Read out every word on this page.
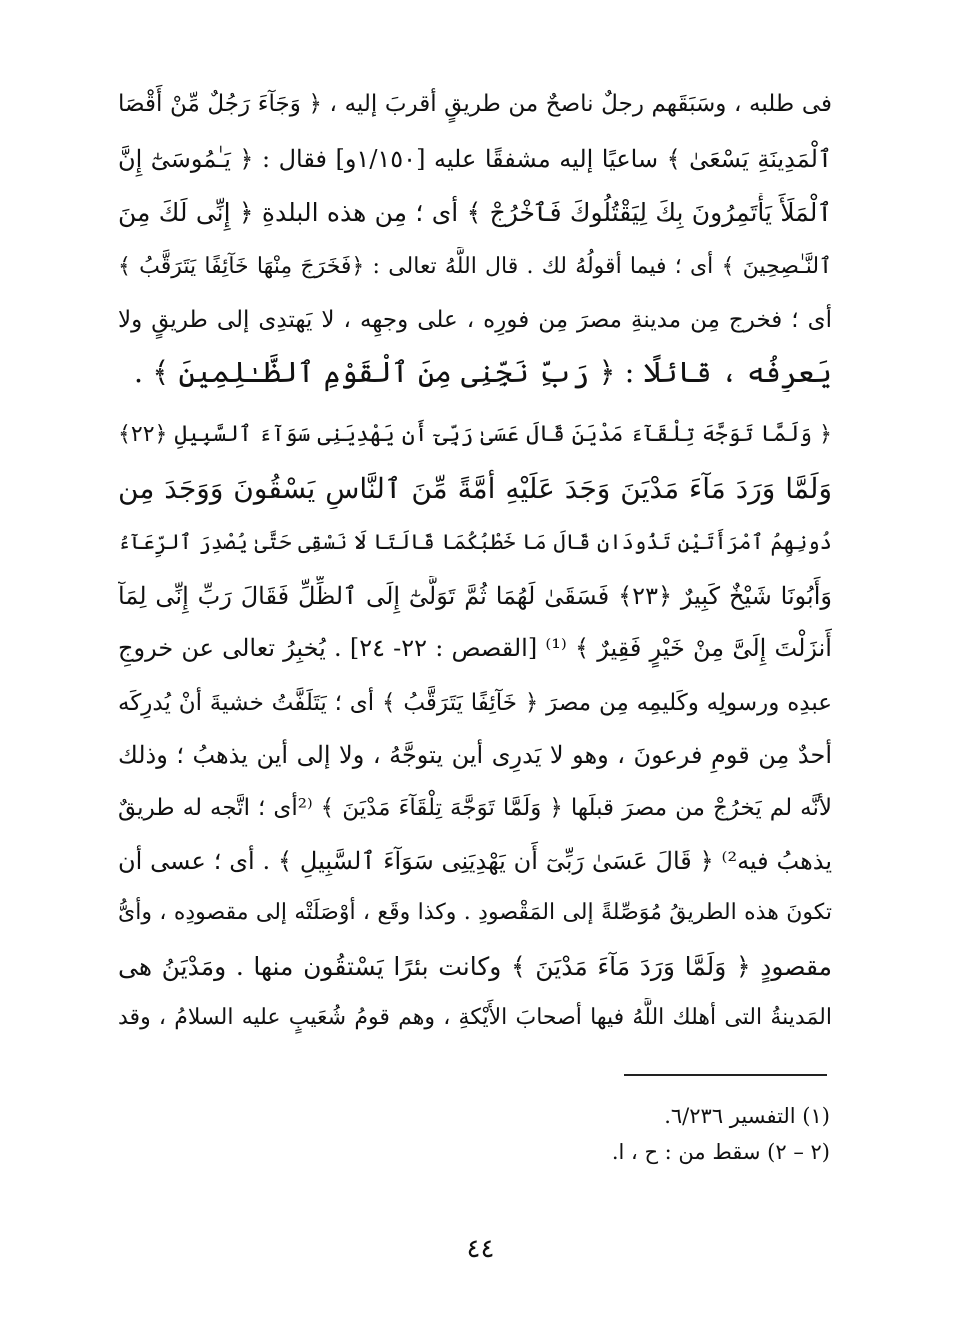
فى طلبه ، وسَبَقَهم رجلٌ ناصحٌ من طريقٍ أقربَ إليه ، ﴿ وَجَآءَ رَجُلٌ مِّنْ أَقْصَا
ٱلْمَدِينَةِ يَسْعَىٰ ﴾ ساعيًا إليه مشفقًا عليه [١/١٥٠و] فقال : ﴿ يَـٰمُوسَىٰٓ إِنَّ
ٱلْمَلَأَ يَأْتَمِرُونَ بِكَ لِيَقْتُلُوكَ فَٱخْرُجْ ﴾ أى ؛ مِن هذه البلدةِ ﴿ إِنِّى لَكَ مِنَ
ٱلنَّـٰصِحِينَ ﴾ أى ؛ فيما أقولُهُ لك . قال اللَّهُ تعالى : ﴿فَخَرَجَ مِنْهَا خَآئِفًا يَتَرَقَّبُ ﴾
أى ؛ فخرج مِن مدينةِ مصرَ مِن فورِه ، على وجهِه ، لا يَهتدِى إلى طريقٍ ولا
يَعرِفُه ، قائلًا : ﴿ رَبِّ نَجِّنِى مِنَ ٱلْقَوْمِ ٱلظَّـٰلِمِينَ ﴾ .
﴿ وَلَمَّا تَوَجَّهَ تِلْقَآءَ مَدْيَنَ قَالَ عَسَىٰ رَبِّىٓ أَن يَهْدِيَنِى سَوَآءَ ٱلسَّبِيلِ ﴿٢٢﴾
وَلَمَّا وَرَدَ مَآءَ مَدْيَنَ وَجَدَ عَلَيْهِ أُمَّةً مِّنَ ٱلنَّاسِ يَسْقُونَ وَوَجَدَ مِن
دُونِهِمُ ٱمْرَأَتَيْنِ تَذُودَانِ قَالَ مَا خَطْبُكُمَا قَالَتَا لَا نَسْقِى حَتَّىٰ يُصْدِرَ ٱلرِّعَآءُ
وَأَبُونَا شَيْخٌ كَبِيرٌ ﴿٢٣﴾ فَسَقَىٰ لَهُمَا ثُمَّ تَوَلَّىٰٓ إِلَى ٱلظِّلِّ فَقَالَ رَبِّ إِنِّى لِمَآ
أَنزَلْتَ إِلَىَّ مِنْ خَيْرٍ فَقِيرٌ ﴾ ⁽¹⁾ [القصص : ٢٢- ٢٤] . يُخبِرُ تعالى عن خروجِ
عبدِه ورسولِه وكَليمِه مِن مصرَ ﴿ خَآئِفًا يَتَرَقَّبُ ﴾ أى ؛ يَتَلَفَّتُ خشيةَ أنْ يُدرِكَه
أحدٌ مِن قومِ فرعونَ ، وهو لا يَدرِى أين يتوجَّهُ ، ولا إلى أين يذهبُ ؛ وذلك
لأنَّه لم يَخرُجْ من مصرَ قبلَها ﴿ وَلَمَّا تَوَجَّهَ تِلْقَآءَ مَدْيَنَ ﴾ ⁽²أى ؛ اتَّجه له طريقٌ
يذهبُ فيه²⁾ ﴿ قَالَ عَسَىٰ رَبِّىٓ أَن يَهْدِيَنِى سَوَآءَ ٱلسَّبِيلِ ﴾ . أى ؛ عسى أن
تكونَ هذه الطريقُ مُوَصِّلةً إلى المَقْصودِ . وكذا وقَع ، أوْصَلَتْه إلى مقصودِه ، وأىُّ
مقصودٍ ﴿ وَلَمَّا وَرَدَ مَآءَ مَدْيَنَ ﴾ وكانت بئرًا يَسْتقُون منها . ومَدْيَنُ هى
المَدينةُ التى أهلك اللَّهُ فيها أصحابَ الأَيْكةِ ، وهم قومُ شُعَيبٍ عليه السلامُ ، وقد
(١) التفسير ٦/٢٣٦.
(٢ – ٢) سقط من : ح ، ا.
٤٤
